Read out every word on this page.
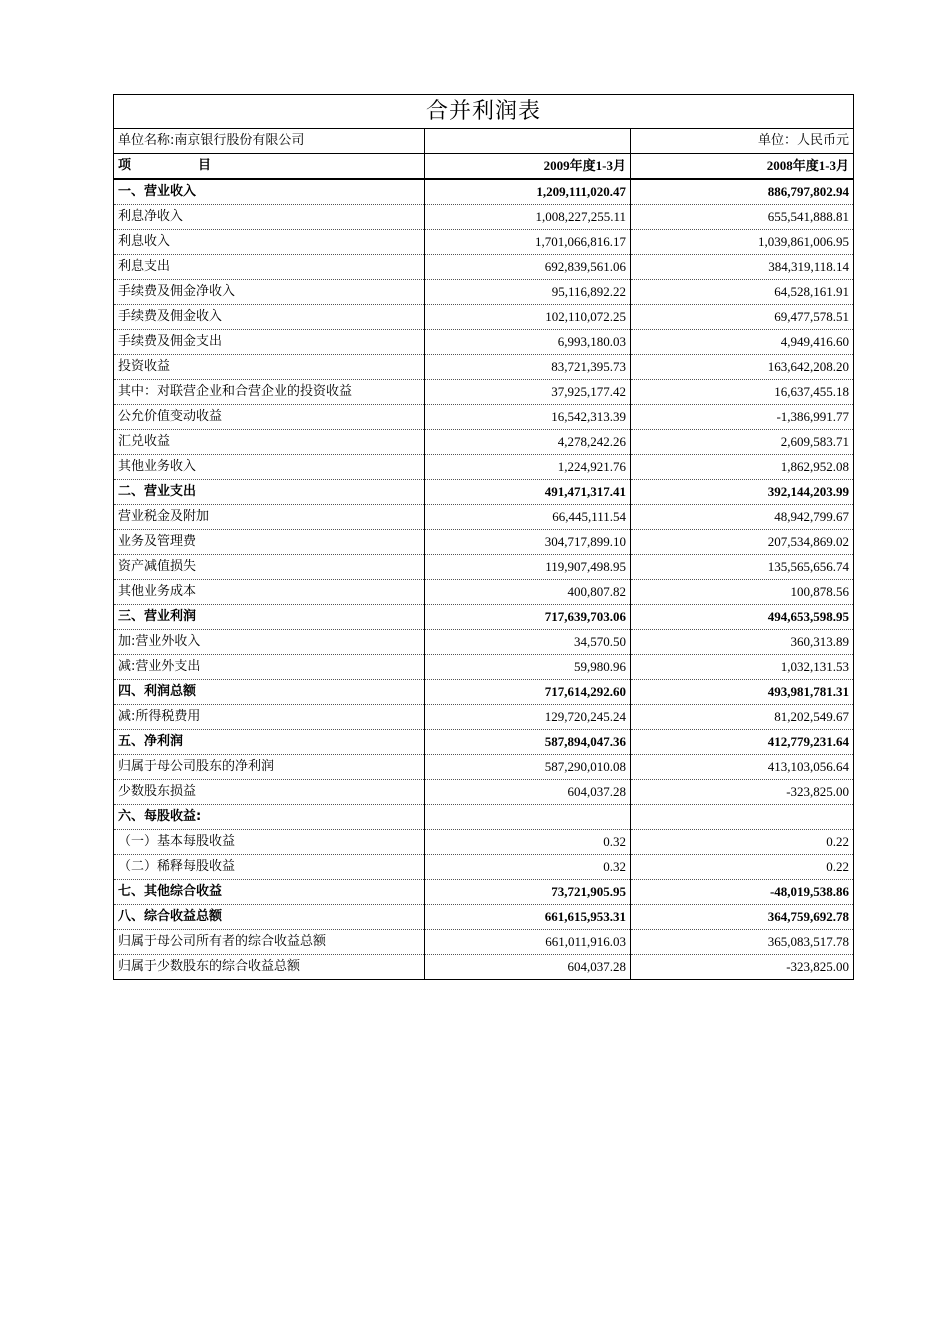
合并利润表		
单位名称:南京银行股份有限公司		单位：人民币元
项 目	2009年度1-3月	2008年度1-3月
一、营业收入	1,209,111,020.47	886,797,802.94
利息净收入	1,008,227,255.11	655,541,888.81
利息收入	1,701,066,816.17	1,039,861,006.95
利息支出	692,839,561.06	384,319,118.14
手续费及佣金净收入	95,116,892.22	64,528,161.91
手续费及佣金收入	102,110,072.25	69,477,578.51
手续费及佣金支出	6,993,180.03	4,949,416.60
投资收益	83,721,395.73	163,642,208.20
其中：对联营企业和合营企业的投资收益	37,925,177.42	16,637,455.18
公允价值变动收益	16,542,313.39	-1,386,991.77
汇兑收益	4,278,242.26	2,609,583.71
其他业务收入	1,224,921.76	1,862,952.08
二、营业支出	491,471,317.41	392,144,203.99
营业税金及附加	66,445,111.54	48,942,799.67
业务及管理费	304,717,899.10	207,534,869.02
资产减值损失	119,907,498.95	135,565,656.74
其他业务成本	400,807.82	100,878.56
三、营业利润	717,639,703.06	494,653,598.95
加:营业外收入	34,570.50	360,313.89
减:营业外支出	59,980.96	1,032,131.53
四、利润总额	717,614,292.60	493,981,781.31
减:所得税费用	129,720,245.24	81,202,549.67
五、净利润	587,894,047.36	412,779,231.64
归属于母公司股东的净利润	587,290,010.08	413,103,056.64
少数股东损益	604,037.28	-323,825.00
六、每股收益:		
（一）基本每股收益	0.32	0.22
（二）稀释每股收益	0.32	0.22
七、其他综合收益	73,721,905.95	-48,019,538.86
八、综合收益总额	661,615,953.31	364,759,692.78
归属于母公司所有者的综合收益总额	661,011,916.03	365,083,517.78
归属于少数股东的综合收益总额	604,037.28	-323,825.00
